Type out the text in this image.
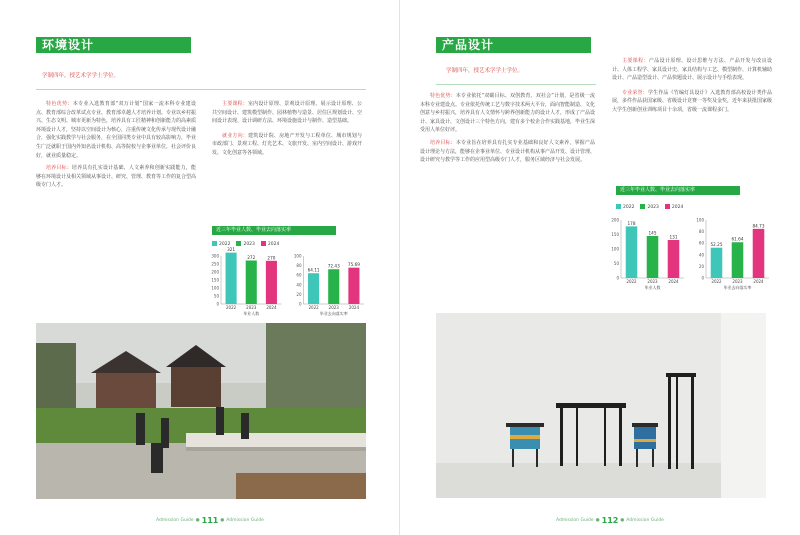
环境设计
学制四年，授艺术学学士学位。

特色优势：本专业入选教育部“双万计划”国家一流本科专业建设点、教育部综合改革试点专业、教育部卓越人才培养计划。专业以乡村振兴、生态文明、城市更新为特色，培养具有工匠精神和创新能力的高素质环境设计人才，坚持以空间设计为核心，注重传统文化传承与现代设计融合，强化实践教学与社会服务，在全国同类专业中具有较高影响力，毕业生广泛就职于国内外知名设计机构、高等院校与企事业单位，社会评价良好，就业质量稳定。

培养目标：培养具有扎实设计基础、人文素养和创新实践能力，能够在环境设计及相关领域从事设计、研究、管理、教育等工作的复合型高级专门人才。

主要课程：室内设计原理、景观设计原理、展示设计原理、公共空间设计、建筑模型制作、园林植物与造景、居住区规划设计、空间设计表现、设计调研方法、环境设施设计与制作、造型基础。

就业方向：建筑设计院、房地产开发与工程单位、城市规划与市政部门、景观工程、灯光艺术、文旅开发、室内空间设计、游戏开发、文化创意等各领域。

近三年毕业人数、毕业去向落实率
2022	2023	2024
0
50
100
150
200
250
300
321
2022
272
2023
270
2024
毕业人数
0
20
40
60
80
100
64.11
2022
72.43
2023
75.69
2024
毕业去向落实率
Admission Guide ● 111 ● Admission Guide
产品设计
学制四年，授艺术学学士学位。

特色优势：本专业依托“双碳目标、双创教育、双社会”计划，是省级一流本科专业建设点。专业依托传统工艺与数字技术两大平台，面向智能制造、文化创意与乡村振兴，培养具有人文情怀与跨界创新能力的设计人才，形成了产品设计、家具设计、文创设计三个特色方向，建有多个校企合作实践基地，毕业生深受用人单位好评。

培养目标：本专业旨在培养具有扎实专业基础和良好人文素养，掌握产品设计理论与方法，能够在企事业单位、专业设计机构从事产品开发、设计管理、设计研究与教学等工作的应用型高级专门人才，服务区域经济与社会发展。

主要课程：产品设计原理、设计思维与方法、产品开发与改良设计、人体工程学、家具设计史、家具结构与工艺、模型制作、计算机辅助设计、产品造型设计、产品快题设计、展示设计与手绘表现。

专业荣誉：学生作品《竹编灯具设计》入选教育部高校设计类作品展，多件作品获国家级、省级设计竞赛一等奖及金奖，近年来获批国家级大学生创新创业训练项目十余项，省级一流课程多门。

近三年毕业人数、毕业去向落实率
2022	2023	2024
0
50
100
150
200
178
2022
145
2023
131
2024
毕业人数
0
20
40
60
80
100
52.25
2022
61.64
2023
84.73
2024
毕业去向落实率
Admission Guide ● 112 ● Admission Guide
